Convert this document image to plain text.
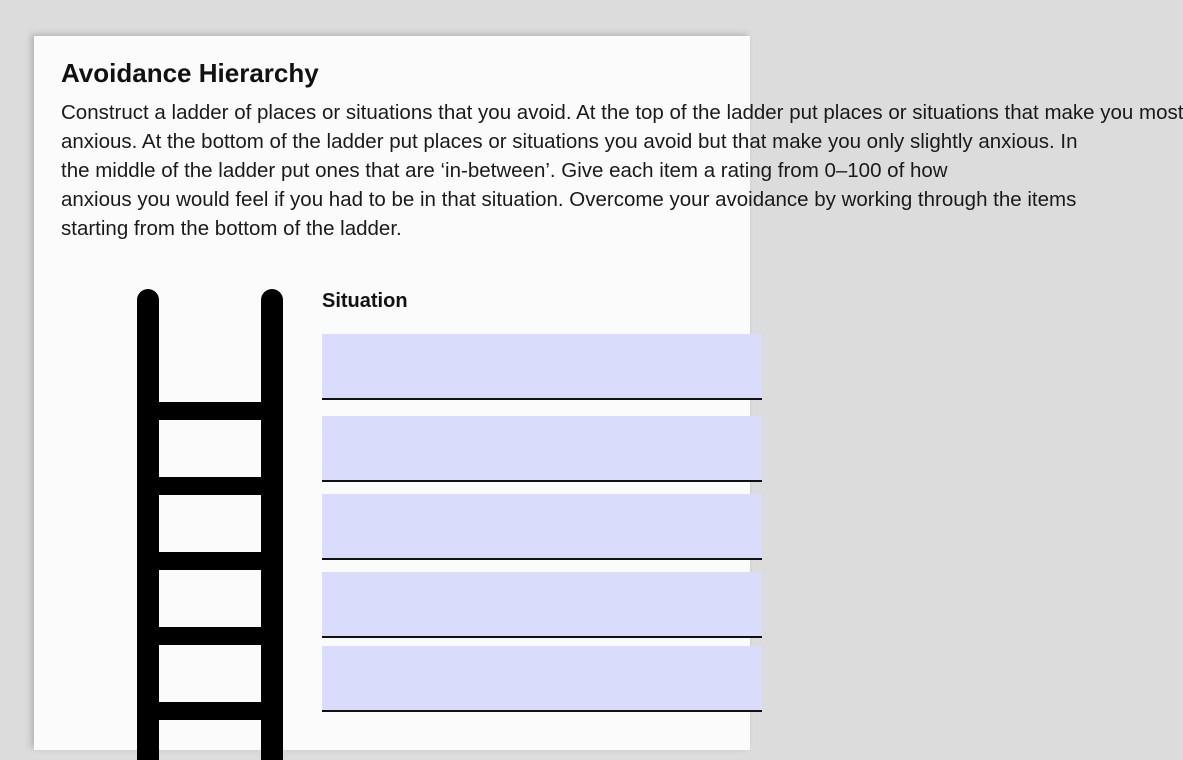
Avoidance Hierarchy
Construct a ladder of places or situations that you avoid. At the top of the ladder put places or situations that make you most
anxious. At the bottom of the ladder put places or situations you avoid but that make you only slightly anxious. In
the middle of the ladder put ones that are ‘in-between’. Give each item a rating from 0–100 of how
anxious you would feel if you had to be in that situation. Overcome your avoidance by working through the items
starting from the bottom of the ladder.
Situation
